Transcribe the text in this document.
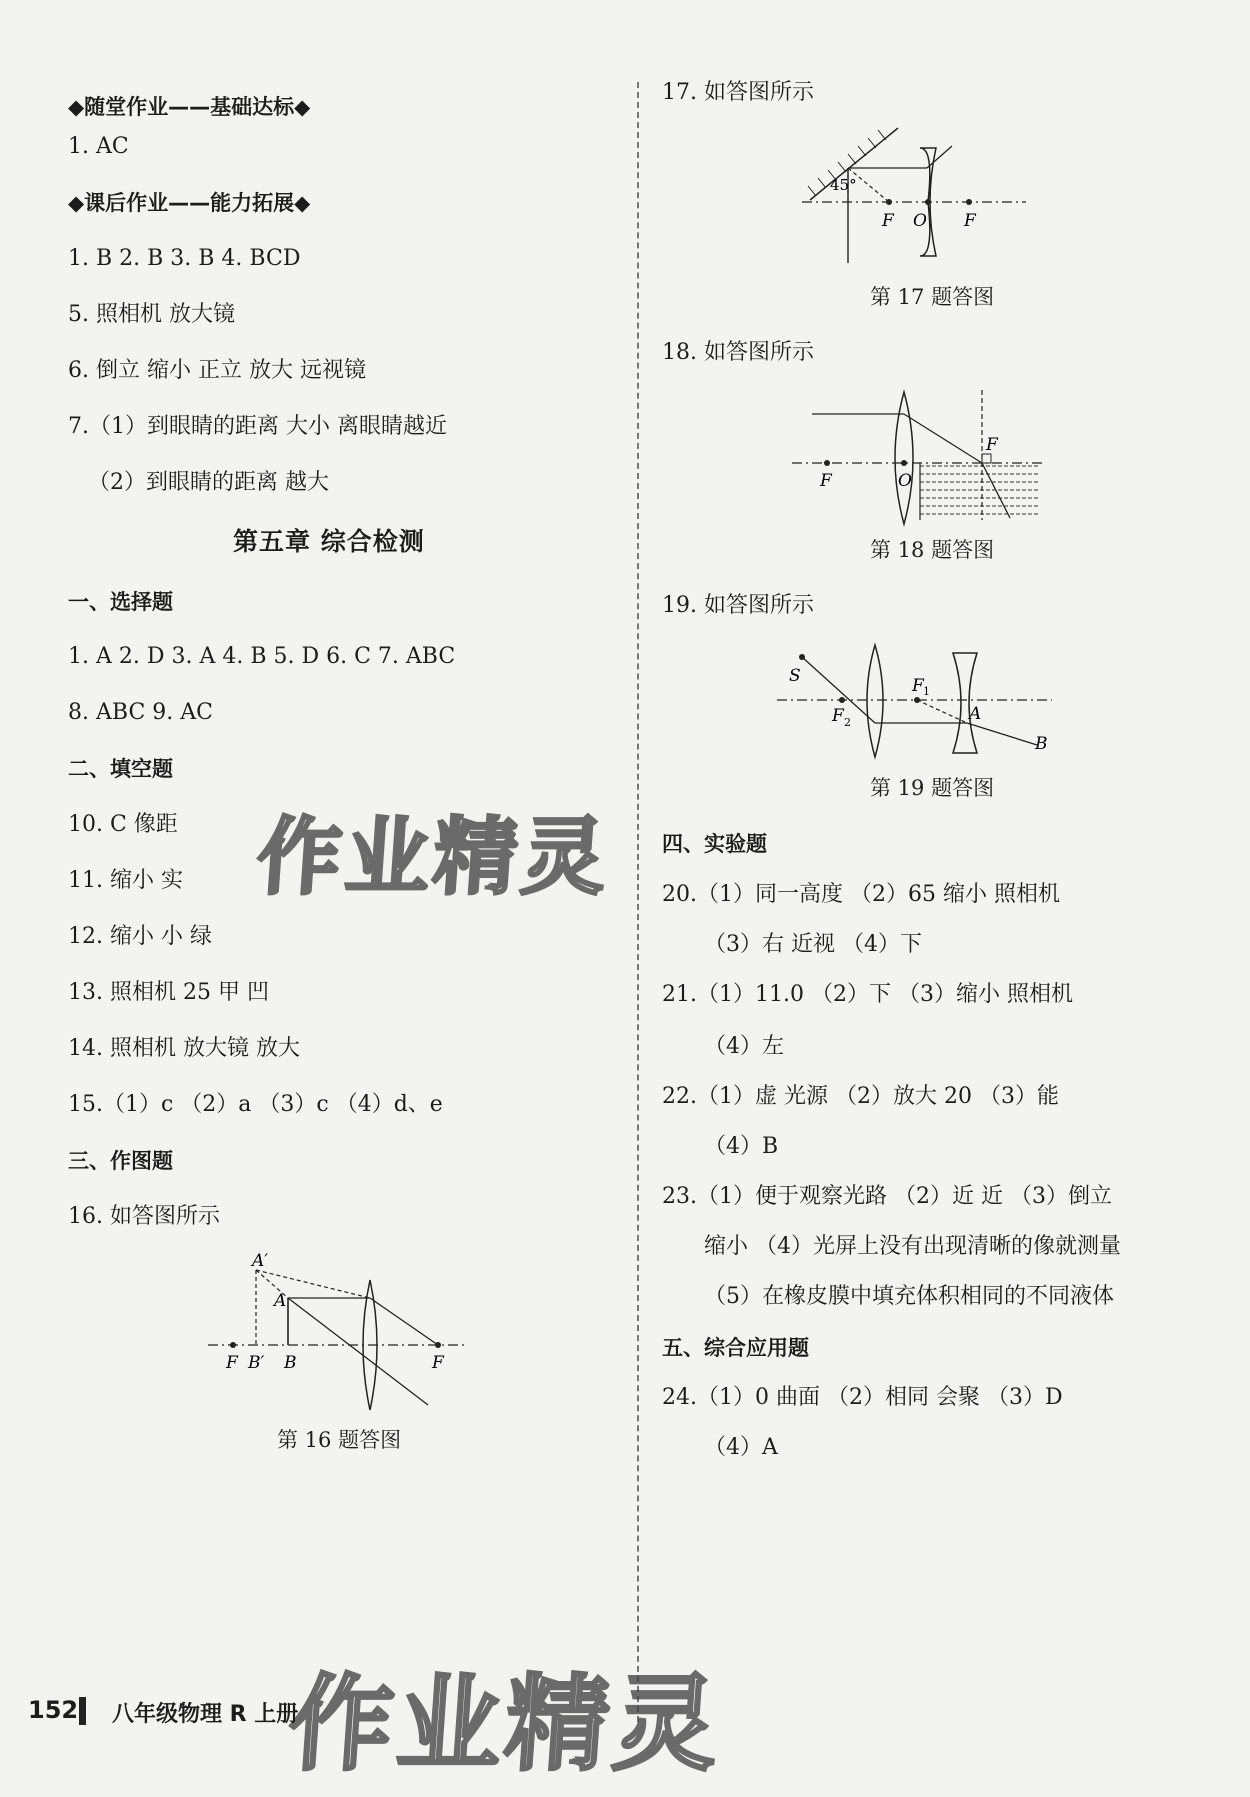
◆随堂作业——基础达标◆
1. AC
◆课后作业——能力拓展◆
1. B 2. B 3. B 4. BCD
5. 照相机 放大镜
6. 倒立 缩小 正立 放大 远视镜
7.（1）到眼睛的距离 大小 离眼睛越近
（2）到眼睛的距离 越大
第五章 综合检测
一、选择题
1. A 2. D 3. A 4. B 5. D 6. C 7. ABC
8. ABC 9. AC
二、填空题
10. C 像距
11. 缩小 实
12. 缩小 小 绿
13. 照相机 25 甲 凹
14. 照相机 放大镜 放大
15.（1）c （2）a （3）c （4）d、e
三、作图题
16. 如答图所示
A′
A
F B′ B	F
第 16 题答图
17. 如答图所示
45°
F O F
第 17 题答图
18. 如答图所示
F
F	O
第 18 题答图
19. 如答图所示
S	F 1
F 2	A
B
第 19 题答图
四、实验题
20.（1）同一高度 （2）65 缩小 照相机
（3）右 近视 （4）下
21.（1）11.0 （2）下 （3）缩小 照相机
（4）左
22.（1）虚 光源 （2）放大 20 （3）能
（4）B
23.（1）便于观察光路 （2）近 近 （3）倒立
缩小 （4）光屏上没有出现清晰的像就测量
（5）在橡皮膜中填充体积相同的不同液体
五、综合应用题
24.（1）0 曲面 （2）相同 会聚 （3）D
（4）A
作业精灵
作业精灵
152 八年级物理 R 上册
